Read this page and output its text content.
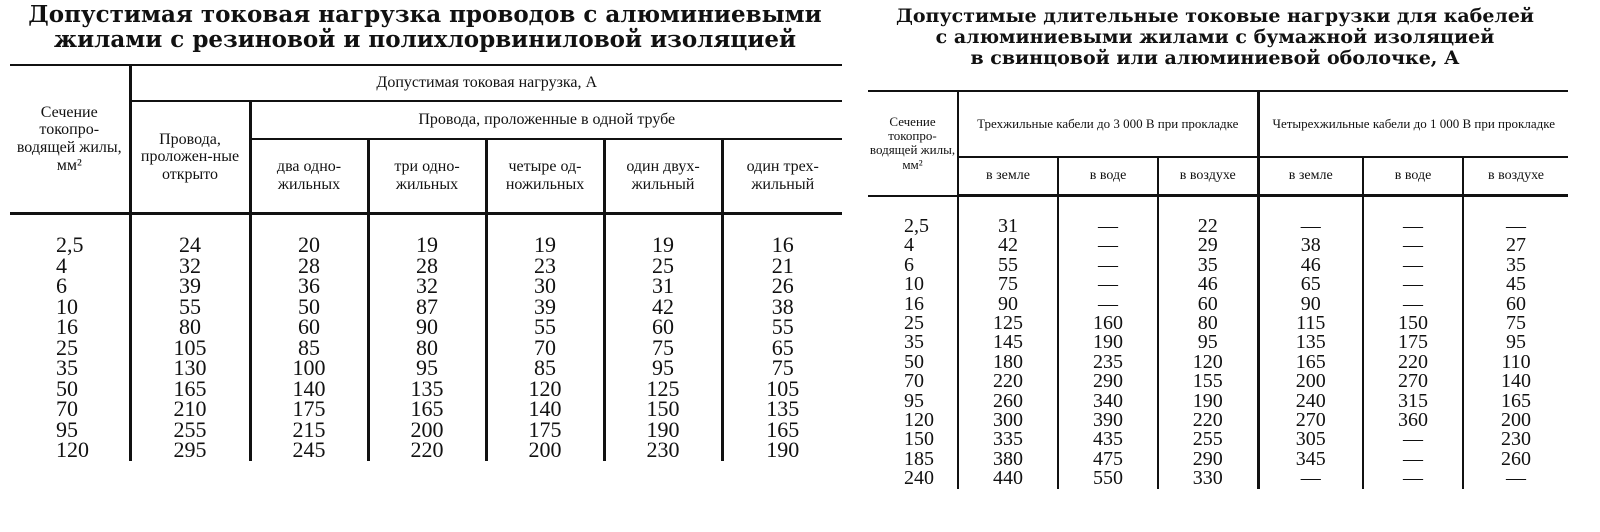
Допустимая токовая нагрузка проводов с алюминиевыми
жилами с резиновой и полихлорвиниловой изоляцией
Сечение токопро-водящей жилы, мм²	Допустимая токовая нагрузка, А					
	Провода, проложен-ные открыто	Провода, проложенные в одной трубе				
		два одно-жильных	три одно-жильных	четыре од-ножильных	один двух-жильный	один трех-жильный

2,5	24	20	19	19	19	16
4	32	28	28	23	25	21
6	39	36	32	30	31	26
10	55	50	87	39	42	38
16	80	60	90	55	60	55
25	105	85	80	70	75	65
35	130	100	95	85	95	75
50	165	140	135	120	125	105
70	210	175	165	140	150	135
95	255	215	200	175	190	165
120	295	245	220	200	230	190
Допустимые длительные токовые нагрузки для кабелей
с алюминиевыми жилами с бумажной изоляцией
в свинцовой или алюминиевой оболочке, А
Сечение токопро-водящей жилы, мм²	Трехжильные кабели до 3 000 В при прокладке			Четырехжильные кабели до 1 000 В при прокладке		
	в земле	в воде	в воздухе	в земле	в воде	в воздухе

2,5	31	—	22	—	—	—
4	42	—	29	38	—	27
6	55	—	35	46	—	35
10	75	—	46	65	—	45
16	90	—	60	90	—	60
25	125	160	80	115	150	75
35	145	190	95	135	175	95
50	180	235	120	165	220	110
70	220	290	155	200	270	140
95	260	340	190	240	315	165
120	300	390	220	270	360	200
150	335	435	255	305	—	230
185	380	475	290	345	—	260
240	440	550	330	—	—	—
